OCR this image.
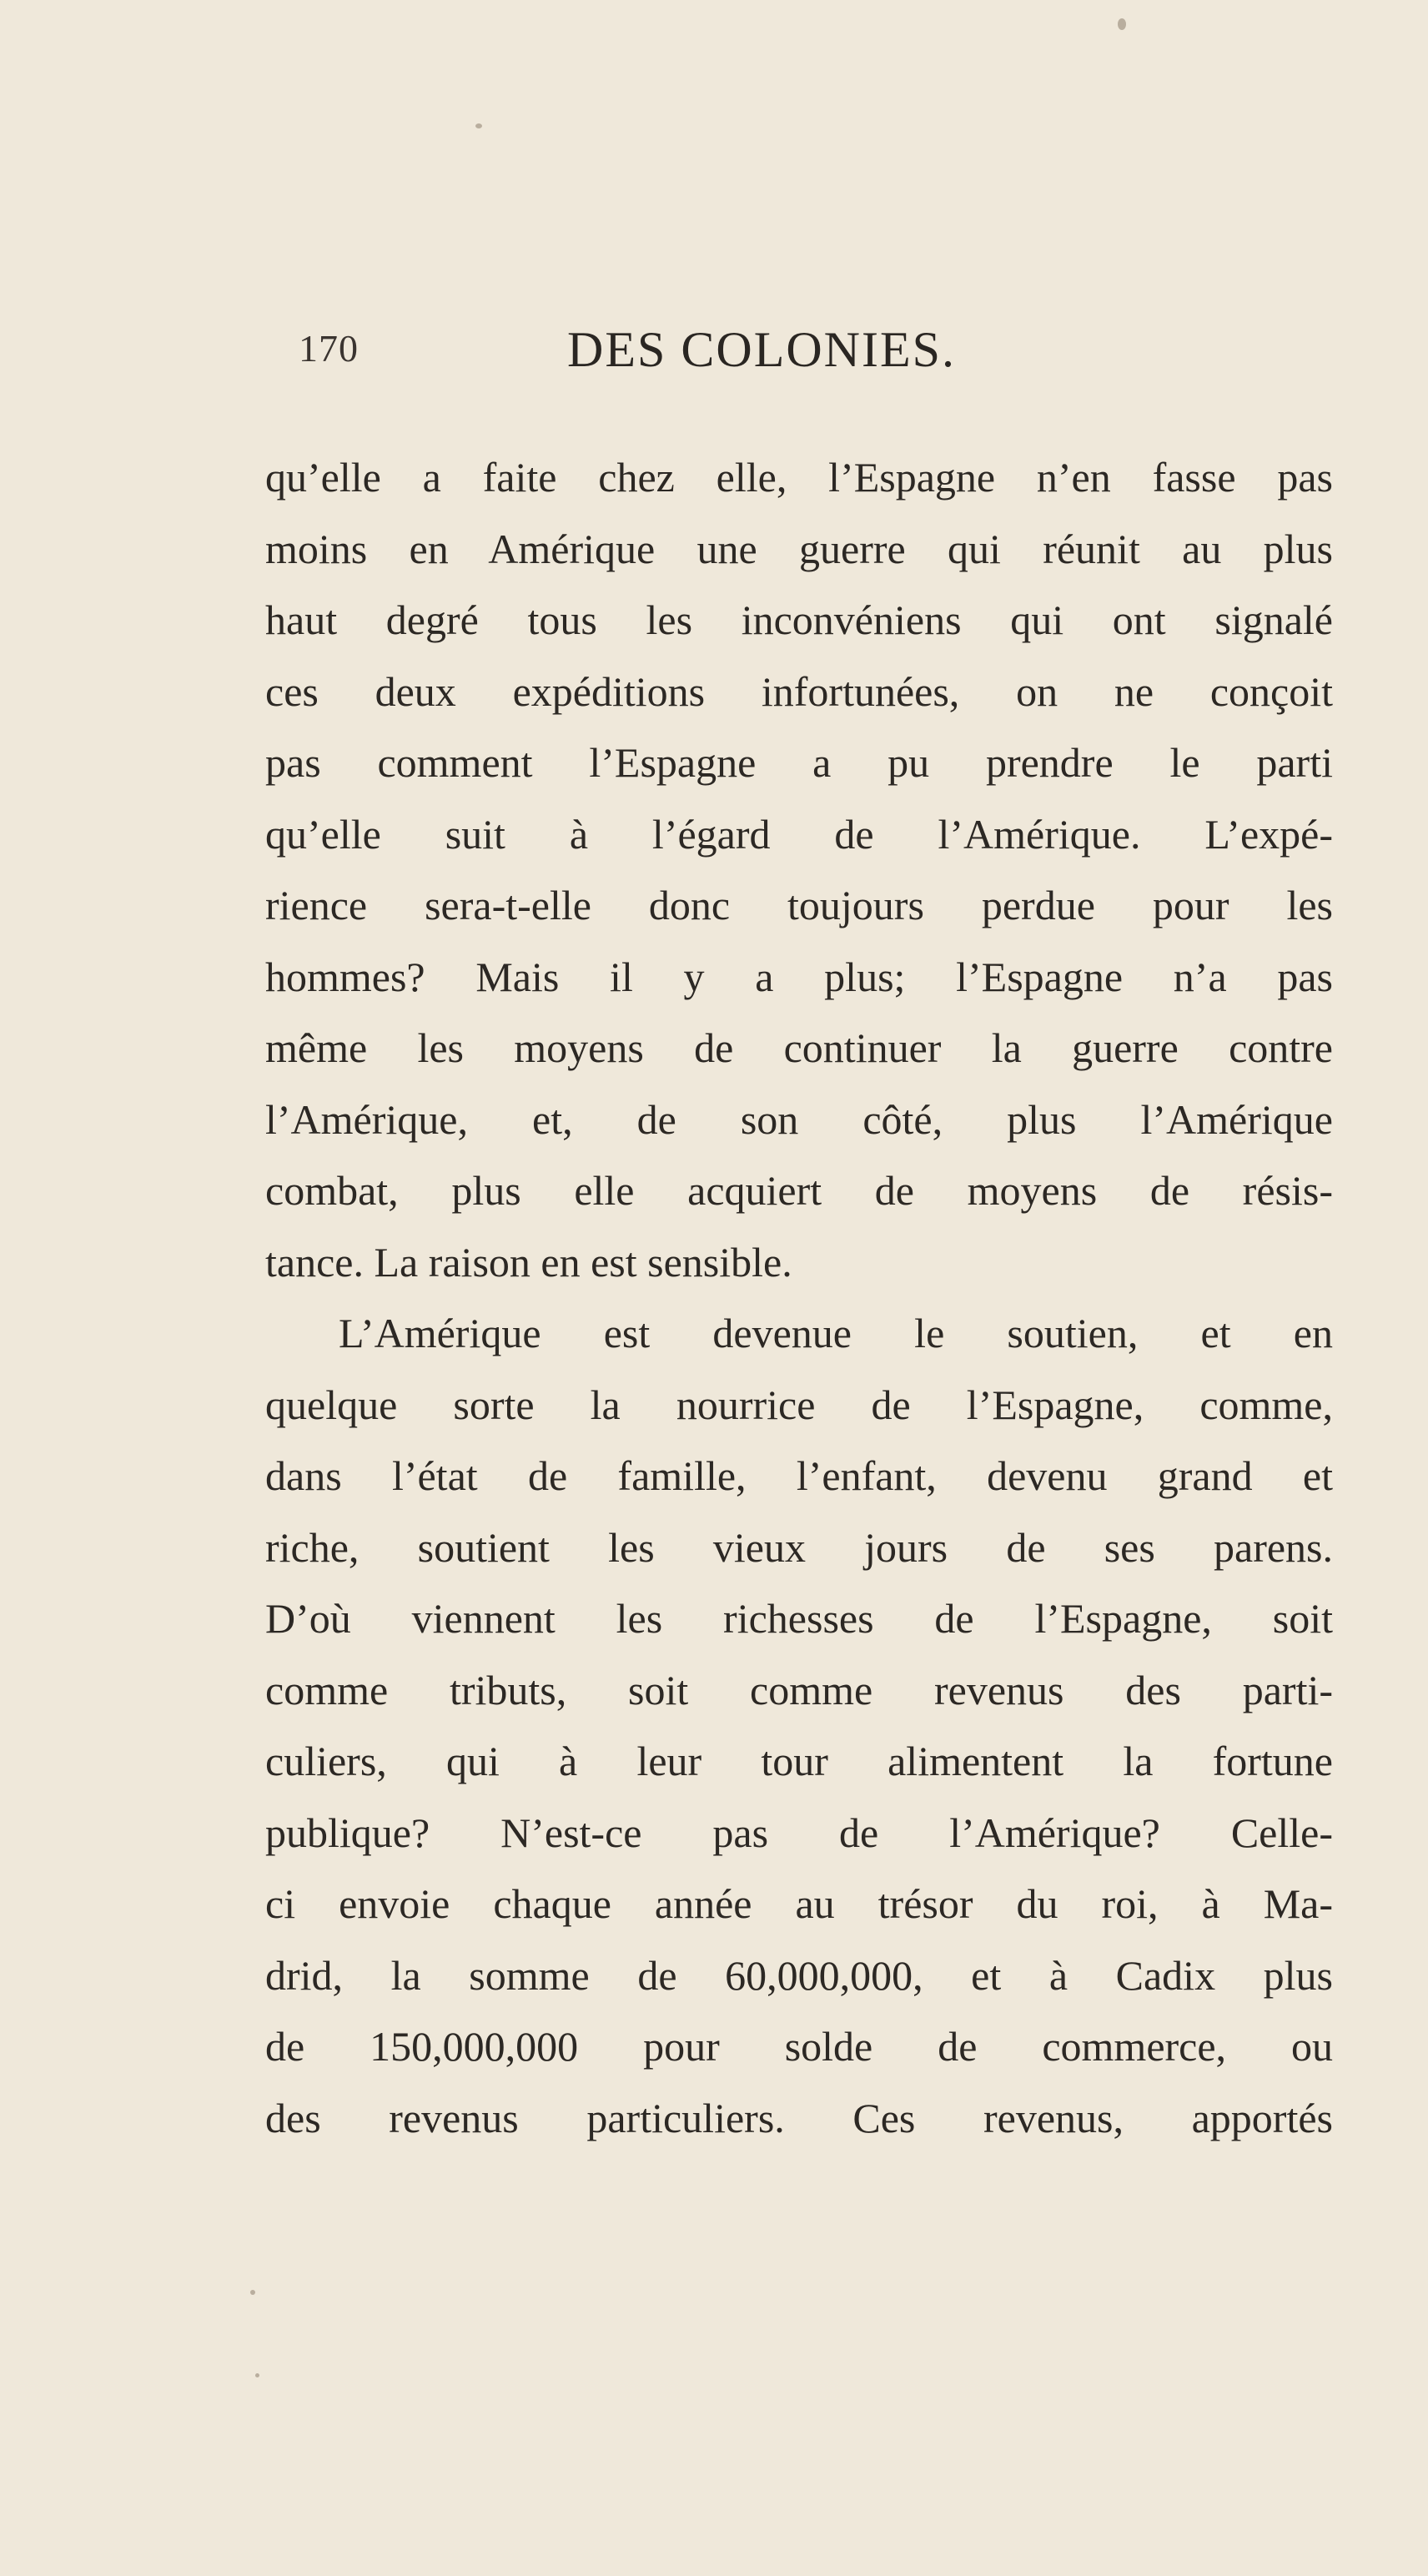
170	DES COLONIES.
qu’elle a faite chez elle, l’Espagne n’en fasse pas
moins en Amérique une guerre qui réunit au plus
haut degré tous les inconvéniens qui ont signalé
ces deux expéditions infortunées, on ne conçoit
pas comment l’Espagne a pu prendre le parti
qu’elle suit à l’égard de l’Amérique. L’expé-
rience sera-t-elle donc toujours perdue pour les
hommes? Mais il y a plus; l’Espagne n’a pas
même les moyens de continuer la guerre contre
l’Amérique, et, de son côté, plus l’Amérique
combat, plus elle acquiert de moyens de résis-
tance. La raison en est sensible.
L’Amérique est devenue le soutien, et en
quelque sorte la nourrice de l’Espagne, comme,
dans l’état de famille, l’enfant, devenu grand et
riche, soutient les vieux jours de ses parens.
D’où viennent les richesses de l’Espagne, soit
comme tributs, soit comme revenus des parti-
culiers, qui à leur tour alimentent la fortune
publique? N’est-ce pas de l’Amérique? Celle-
ci envoie chaque année au trésor du roi, à Ma-
drid, la somme de 60,000,000, et à Cadix plus
de 150,000,000 pour solde de commerce, ou
des revenus particuliers. Ces revenus, apportés
